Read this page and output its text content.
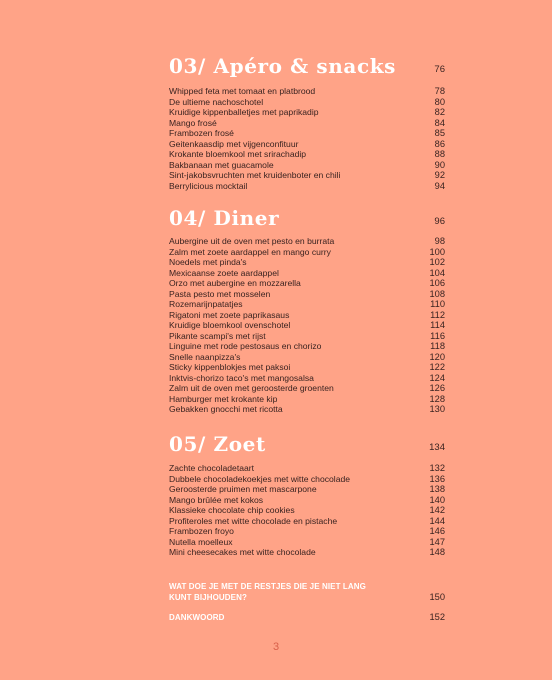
03/ Apéro & snacks	76
Whipped feta met tomaat en platbrood	78
De ultieme nachoschotel	80
Kruidige kippenballetjes met paprikadip	82
Mango frosé	84
Frambozen frosé	85
Geitenkaasdip met vijgenconfituur	86
Krokante bloemkool met srirachadip	88
Bakbanaan met guacamole	90
Sint-jakobsvruchten met kruidenboter en chili	92
Berrylicious mocktail	94
04/ Diner	96
Aubergine uit de oven met pesto en burrata	98
Zalm met zoete aardappel en mango curry	100
Noedels met pinda's	102
Mexicaanse zoete aardappel	104
Orzo met aubergine en mozzarella	106
Pasta pesto met mosselen	108
Rozemarijnpatatjes	110
Rigatoni met zoete paprikasaus	112
Kruidige bloemkool ovenschotel	114
Pikante scampi's met rijst	116
Linguine met rode pestosaus en chorizo	118
Snelle naanpizza's	120
Sticky kippenblokjes met paksoi	122
Inktvis-chorizo taco's met mangosalsa	124
Zalm uit de oven met geroosterde groenten	126
Hamburger met krokante kip	128
Gebakken gnocchi met ricotta	130
05/ Zoet	134
Zachte chocoladetaart	132
Dubbele chocoladekoekjes met witte chocolade	136
Geroosterde pruimen met mascarpone	138
Mango brûlée met kokos	140
Klassieke chocolate chip cookies	142
Profiteroles met witte chocolade en pistache	144
Frambozen froyo	146
Nutella moelleux	147
Mini cheesecakes met witte chocolade	148
WAT DOE JE MET DE RESTJES DIE JE NIET LANG KUNT BIJHOUDEN?	150
DANKWOORD	152
3
